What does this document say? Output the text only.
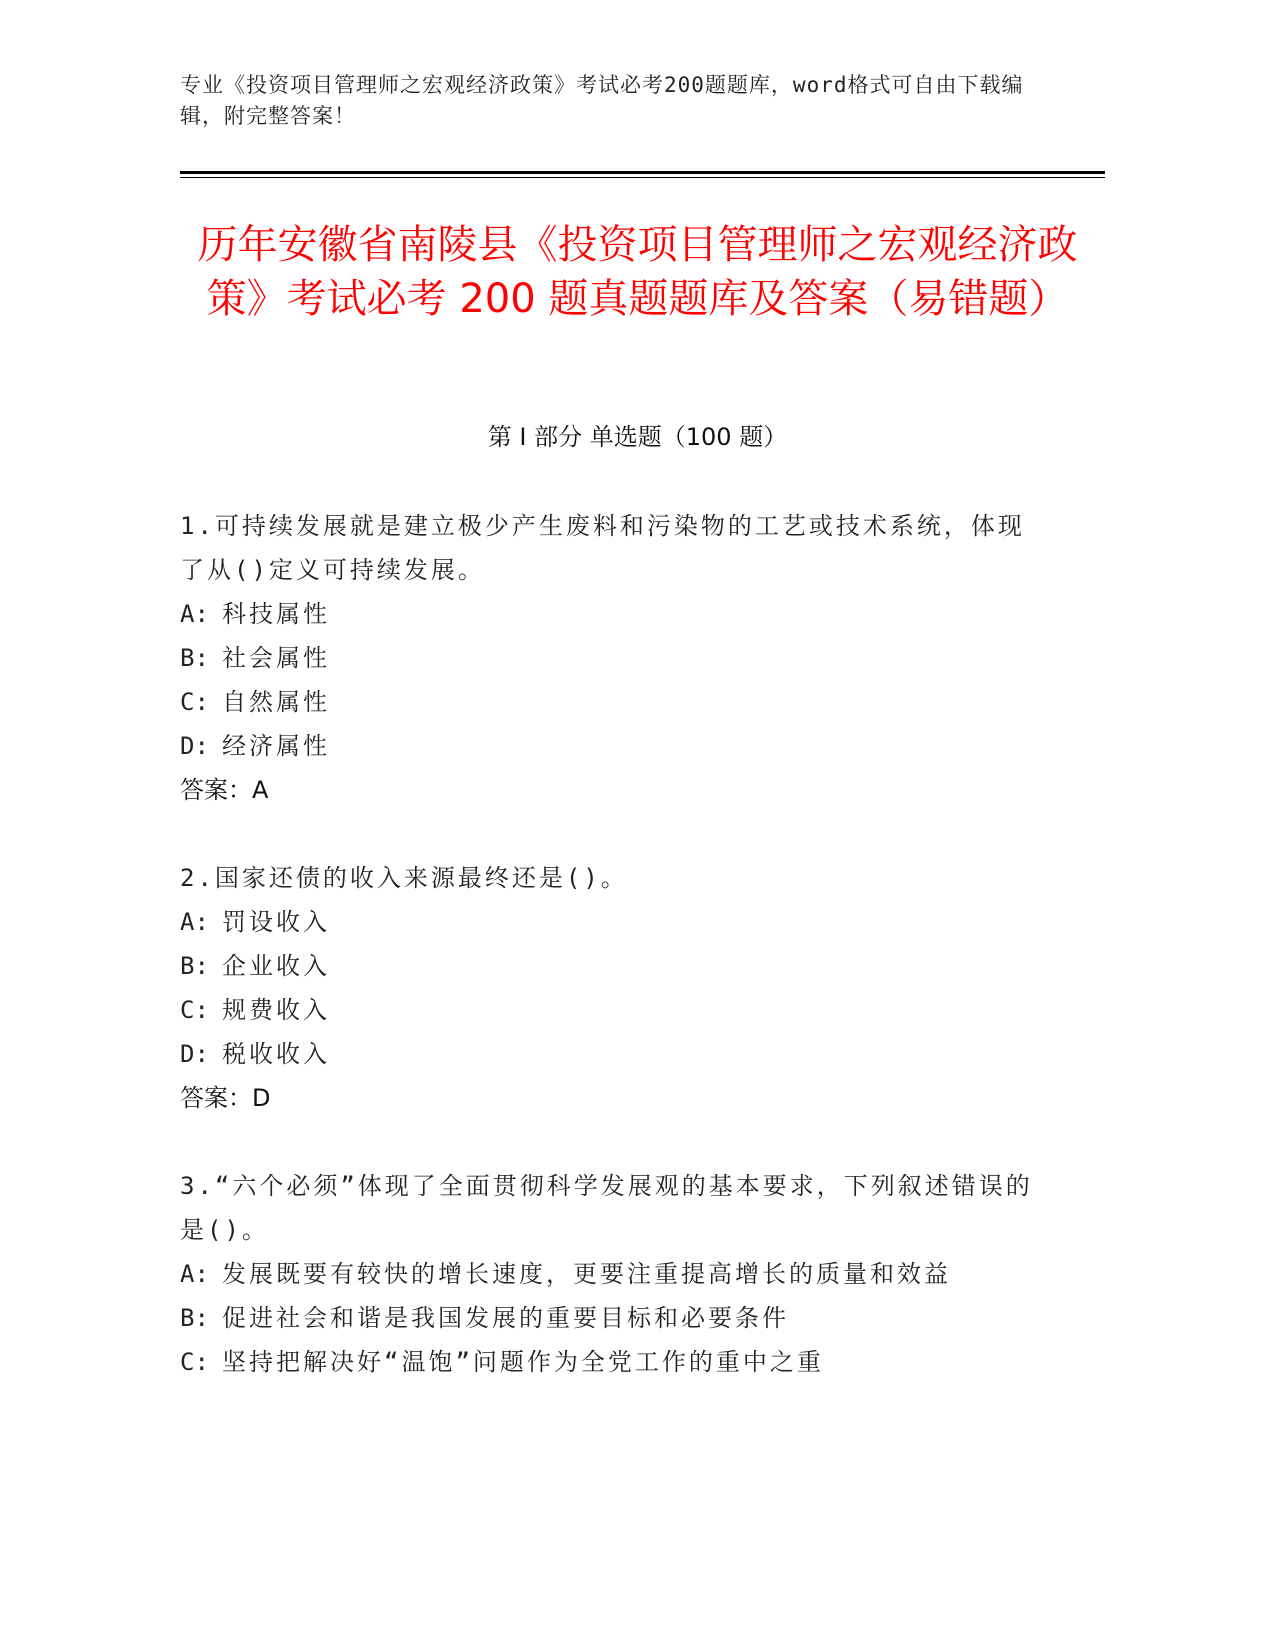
专业《投资项目管理师之宏观经济政策》考试必考200题题库，word格式可自由下载编辑，附完整答案！
历年安徽省南陵县《投资项目管理师之宏观经济政策》考试必考 200 题真题题库及答案（易错题）
第 I 部分 单选题（100 题）
1.可持续发展就是建立极少产生废料和污染物的工艺或技术系统，体现了从()定义可持续发展。
A: 科技属性
B: 社会属性
C: 自然属性
D: 经济属性
答案：A
2.国家还债的收入来源最终还是()。
A: 罚设收入
B: 企业收入
C: 规费收入
D: 税收收入
答案：D
3.“六个必须”体现了全面贯彻科学发展观的基本要求，下列叙述错误的是()。
A: 发展既要有较快的增长速度，更要注重提高增长的质量和效益
B: 促进社会和谐是我国发展的重要目标和必要条件
C: 坚持把解决好“温饱”问题作为全党工作的重中之重
